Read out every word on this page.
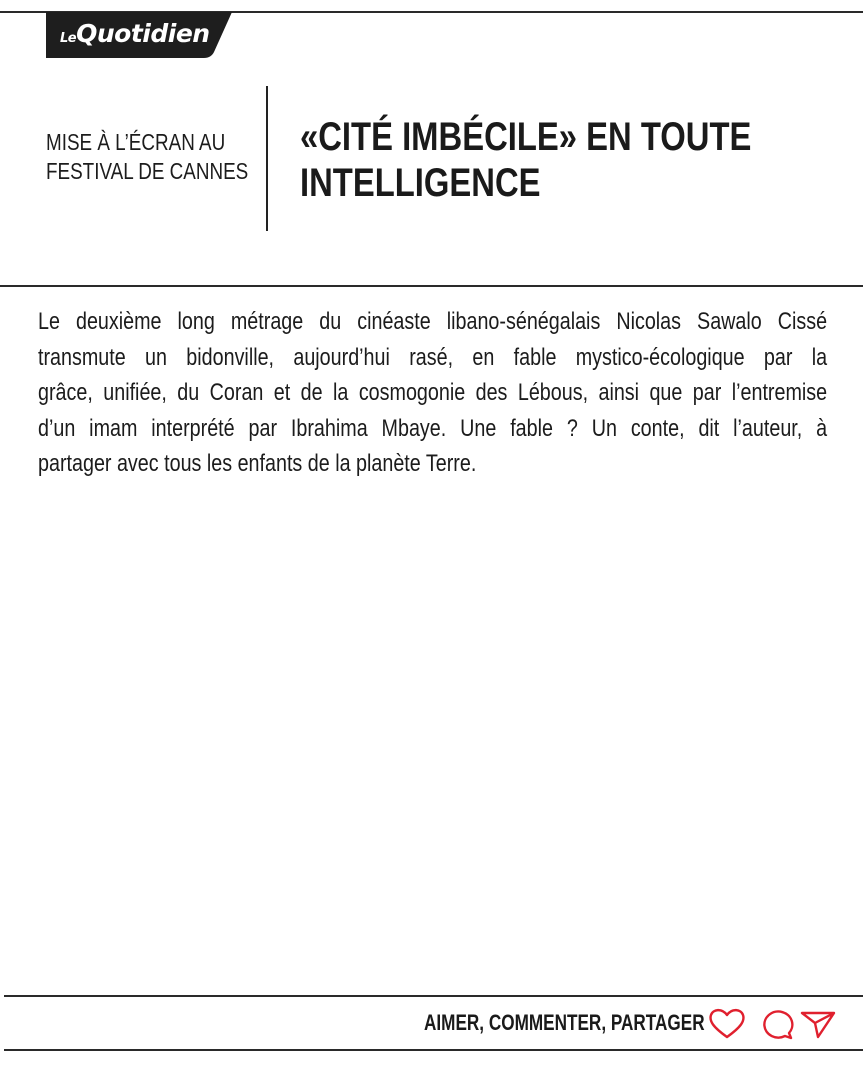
LeQuotidien
MISE À L’ÉCRAN AU
FESTIVAL DE CANNES
«CITÉ IMBÉCILE» EN TOUTE
INTELLIGENCE
Le deuxième long métrage du cinéaste libano-sénégalais Nicolas Sawalo Cissé
transmute un bidonville, aujourd’hui rasé, en fable mystico-écologique par la
grâce, unifiée, du Coran et de la cosmogonie des Lébous, ainsi que par l’entremise
d’un imam interprété par Ibrahima Mbaye. Une fable ? Un conte, dit l’auteur, à
partager avec tous les enfants de la planète Terre.
AIMER, COMMENTER, PARTAGER
